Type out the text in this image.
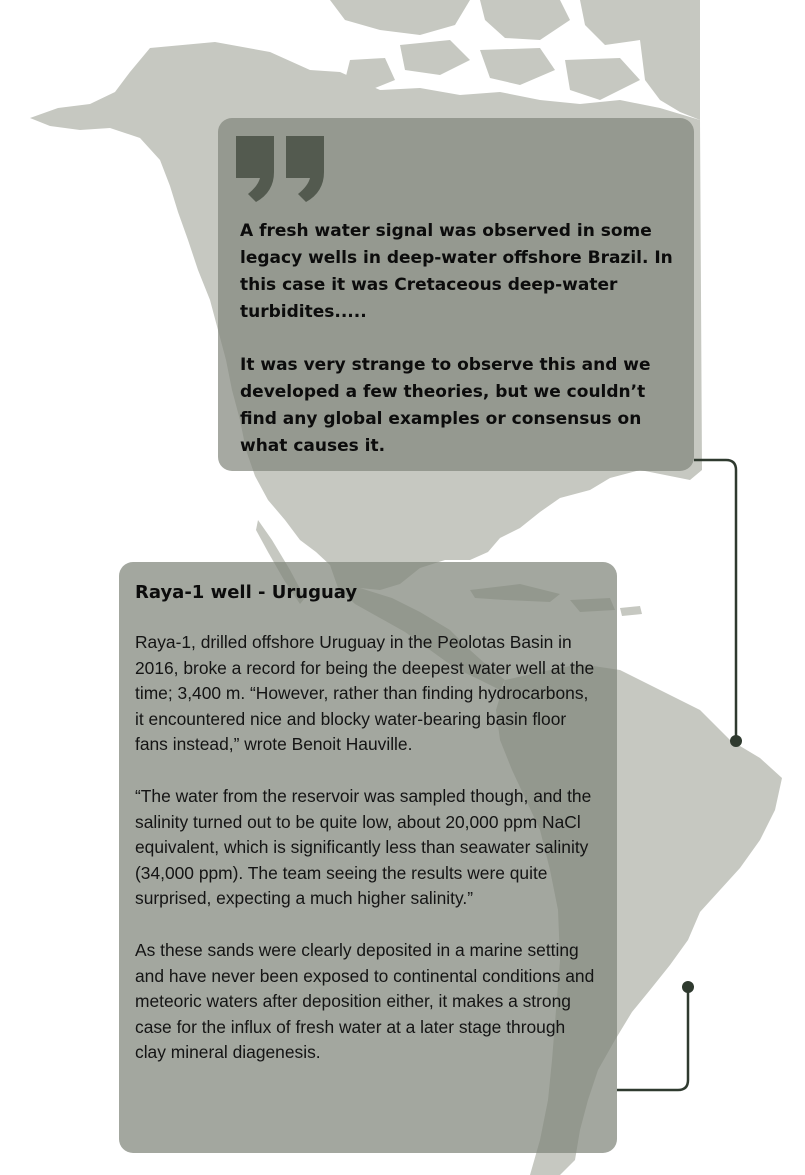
A fresh water signal was observed in some legacy wells in deep-water offshore Brazil. In this case it was Cretaceous deep-water turbidites.....

It was very strange to observe this and we developed a few theories, but we couldn’t find any global examples or consensus on what causes it.

Raya-1 well - Uruguay

Raya-1, drilled offshore Uruguay in the Peolotas Basin in 2016, broke a record for being the deepest water well at the time; 3,400 m. “However, rather than finding hydrocarbons, it encountered nice and blocky water-bearing basin floor fans instead,” wrote Benoit Hauville.

“The water from the reservoir was sampled though, and the salinity turned out to be quite low, about 20,000 ppm NaCl equivalent, which is significantly less than seawater salinity (34,000 ppm). The team seeing the results were quite surprised, expecting a much higher salinity.”

As these sands were clearly deposited in a marine setting and have never been exposed to continental conditions and meteoric waters after deposition either, it makes a strong case for the influx of fresh water at a later stage through clay mineral diagenesis.
